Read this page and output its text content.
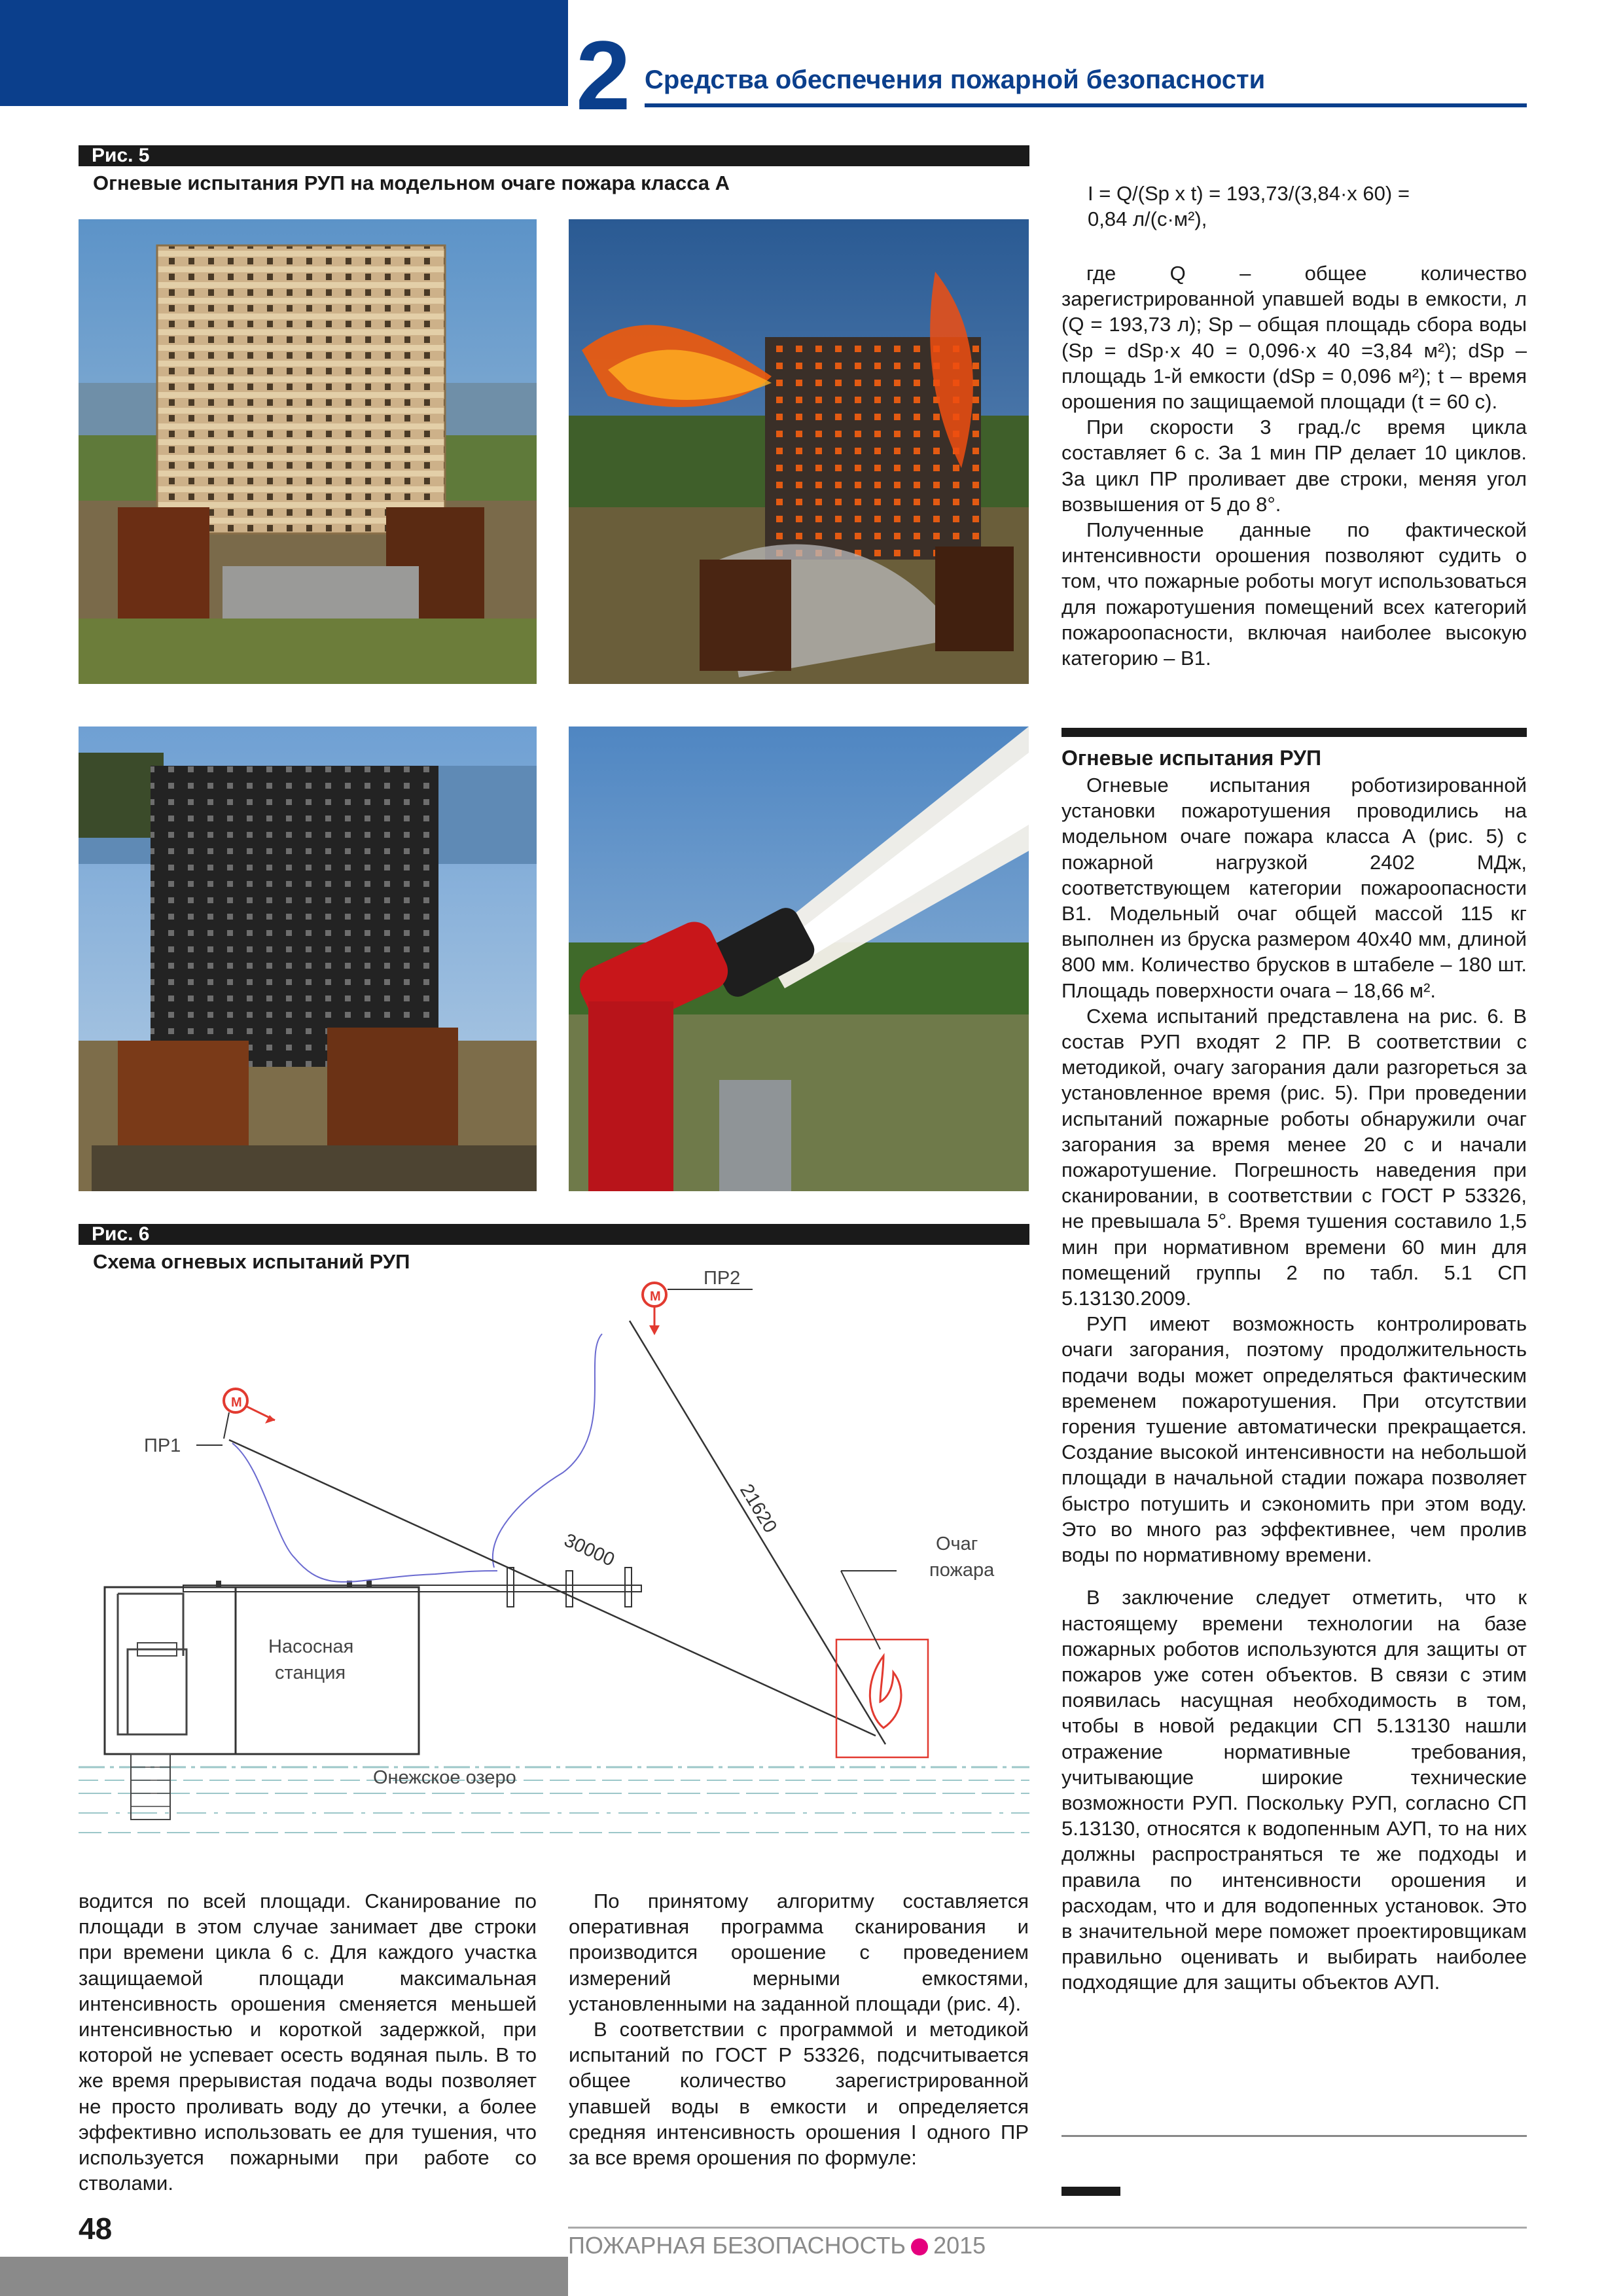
2 Средства обеспечения пожарной безопасности
Рис. 5
Огневые испытания РУП на модельном очаге пожара класса А
Рис. 6
Схема огневых испытаний РУП
Онежское озеро
Насосная
станция
M
ПР1
M
ПР2
30000
21620
Очаг
пожара

I = Q/(Sp x t) = 193,73/(3,84·x 60) =

0,84 л/(с·м²),

где Q – общее количество зарегистрированной упавшей воды в емкости, л (Q = 193,73 л); Sp – общая площадь сбора воды (Sp = dSp·x 40 = 0,096·x 40 =3,84 м²); dSp – площадь 1-й емкости (dSp = 0,096 м²); t – время орошения по защищаемой площади (t = 60 с).

При скорости 3 град./с время цикла составляет 6 с. За 1 мин ПР делает 10 циклов. За цикл ПР проливает две строки, меняя угол возвышения от 5 до 8°.

Полученные данные по фактической интенсивности орошения позволяют судить о том, что пожарные роботы могут использоваться для пожаротушения помещений всех категорий пожароопасности, включая наиболее высокую категорию – В1.

Огневые испытания РУП

Огневые испытания роботизированной установки пожаротушения проводились на модельном очаге пожара класса А (рис. 5) с пожарной нагрузкой 2402 МДж, соответствующем категории пожароопасности В1. Модельный очаг общей массой 115 кг выполнен из бруска размером 40х40 мм, длиной 800 мм. Количество брусков в штабеле – 180 шт. Площадь поверхности очага – 18,66 м².

Схема испытаний представлена на рис. 6. В состав РУП входят 2 ПР. В соответствии с методикой, очагу загорания дали разгореться за установленное время (рис. 5). При проведении испытаний пожарные роботы обнаружили очаг загорания за время менее 20 с и начали пожаротушение. Погрешность наведения при сканировании, в соответствии с ГОСТ Р 53326, не превышала 5°. Время тушения составило 1,5 мин при нормативном времени 60 мин для помещений группы 2 по табл. 5.1 СП 5.13130.2009.

РУП имеют возможность контролировать очаги загорания, поэтому продолжительность подачи воды может определяться фактическим временем пожаротушения. При отсутствии горения тушение автоматически прекращается. Создание высокой интенсивности на небольшой площади в начальной стадии пожара позволяет быстро потушить и сэкономить при этом воду. Это во много раз эффективнее, чем пролив воды по нормативному времени.

В заключение следует отметить, что к настоящему времени технологии на базе пожарных роботов используются для защиты от пожаров уже сотен объектов. В связи с этим появилась насущная необходимость в том, чтобы в новой редакции СП 5.13130 нашли отражение нормативные требования, учитывающие широкие технические возможности РУП. Поскольку РУП, согласно СП 5.13130, относятся к водопенным АУП, то на них должны распространяться те же подходы и правила по интенсивности орошения и расходам, что и для водопенных установок. Это в значительной мере поможет проектировщикам правильно оценивать и выбирать наиболее подходящие для защиты объектов АУП.

водится по всей площади. Сканирование по площади в этом случае занимает две строки при времени цикла 6 с. Для каждого участка защищаемой площади максимальная интенсивность орошения сменяется меньшей интенсивностью и короткой задержкой, при которой не успевает осесть водяная пыль. В то же время прерывистая подача воды позволяет не просто проливать воду до утечки, а более эффективно использовать ее для тушения, что используется пожарными при работе со стволами.

По принятому алгоритму составляется оперативная программа сканирования и производится орошение с проведением измерений мерными емкостями, установленными на заданной площади (рис. 4).

В соответствии с программой и методикой испытаний по ГОСТ Р 53326, подсчитывается общее количество зарегистрированной упавшей воды в емкости и определяется средняя интенсивность орошения I одного ПР за все время орошения по формуле:

48	ПОЖАРНАЯ БЕЗОПАСНОСТЬ 2015
